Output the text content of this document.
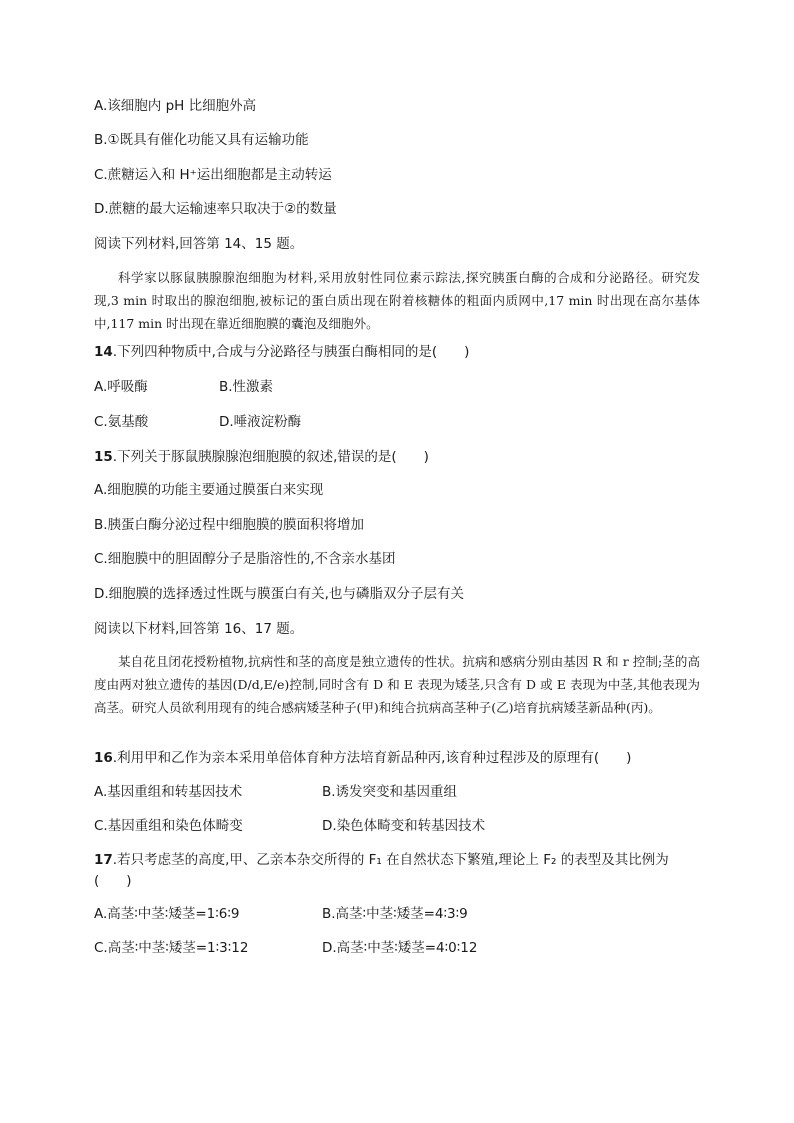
A.该细胞内 pH 比细胞外高
B.①既具有催化功能又具有运输功能
C.蔗糖运入和 H⁺运出细胞都是主动转运
D.蔗糖的最大运输速率只取决于②的数量
阅读下列材料,回答第 14、15 题。
科学家以豚鼠胰腺腺泡细胞为材料,采用放射性同位素示踪法,探究胰蛋白酶的合成和分泌路径。研究发现,3 min 时取出的腺泡细胞,被标记的蛋白质出现在附着核糖体的粗面内质网中,17 min 时出现在高尔基体中,117 min 时出现在靠近细胞膜的囊泡及细胞外。
14.下列四种物质中,合成与分泌路径与胰蛋白酶相同的是(　　)
A.呼吸酶	B.性激素
C.氨基酸	D.唾液淀粉酶
15.下列关于豚鼠胰腺腺泡细胞膜的叙述,错误的是(　　)
A.细胞膜的功能主要通过膜蛋白来实现
B.胰蛋白酶分泌过程中细胞膜的膜面积将增加
C.细胞膜中的胆固醇分子是脂溶性的,不含亲水基团
D.细胞膜的选择透过性既与膜蛋白有关,也与磷脂双分子层有关
阅读以下材料,回答第 16、17 题。
某自花且闭花授粉植物,抗病性和茎的高度是独立遗传的性状。抗病和感病分别由基因 R 和 r 控制;茎的高度由两对独立遗传的基因(D/d,E/e)控制,同时含有 D 和 E 表现为矮茎,只含有 D 或 E 表现为中茎,其他表现为高茎。研究人员欲利用现有的纯合感病矮茎种子(甲)和纯合抗病高茎种子(乙)培育抗病矮茎新品种(丙)。
16.利用甲和乙作为亲本采用单倍体育种方法培育新品种丙,该育种过程涉及的原理有(　　)
A.基因重组和转基因技术	B.诱发突变和基因重组
C.基因重组和染色体畸变	D.染色体畸变和转基因技术
17.若只考虑茎的高度,甲、乙亲本杂交所得的 F₁ 在自然状态下繁殖,理论上 F₂ 的表型及其比例为
(　　)
A.高茎∶中茎∶矮茎=1∶6∶9	B.高茎∶中茎∶矮茎=4∶3∶9
C.高茎∶中茎∶矮茎=1∶3∶12	D.高茎∶中茎∶矮茎=4∶0∶12
